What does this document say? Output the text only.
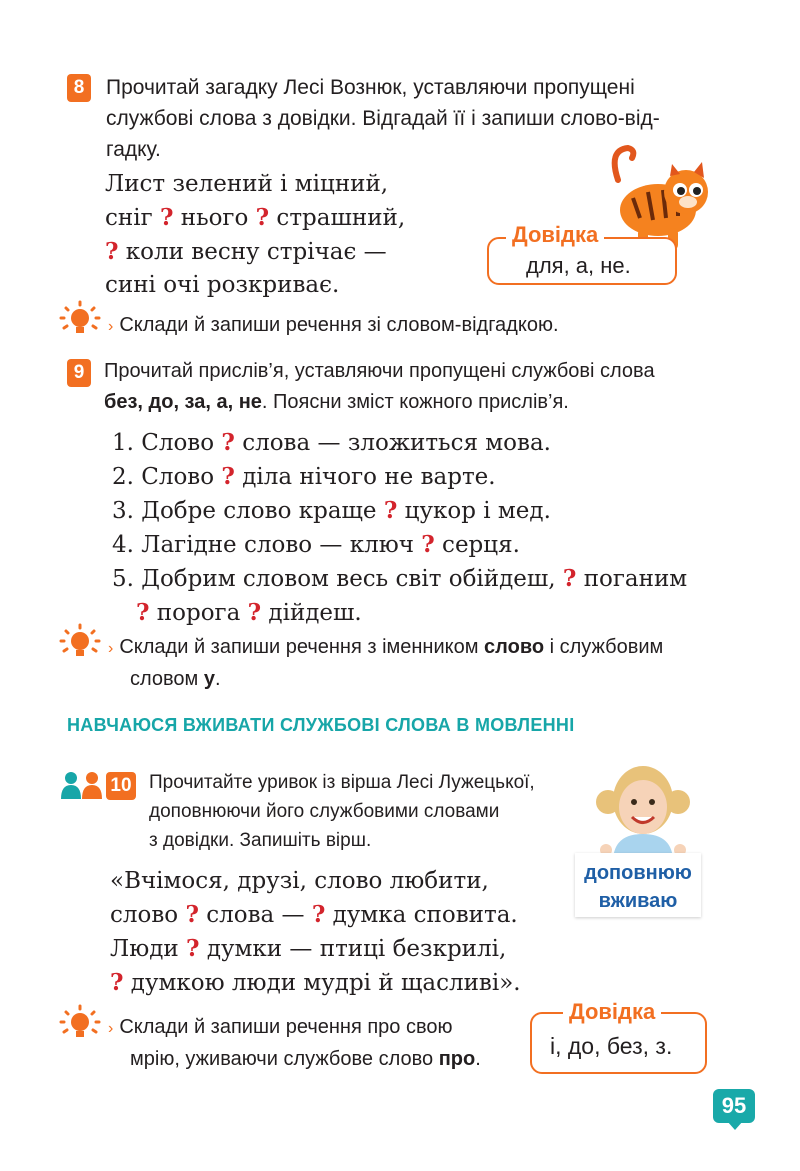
8	Прочитай загадку Лесі Вознюк, уставляючи пропущені
службові слова з довідки. Відгадай її і запиши слово-від-
гадку.
Лист зелений і міцний,
сніг ? нього ? страшний,
? коли весну стрічає —
сині очі розкриває.
Довідка
для, а, не.
› Склади й запиши речення зі словом-відгадкою.
9 Прочитай прислів’я, уставляючи пропущені службові слова
без, до, за, а, не. Поясни зміст кожного прислів’я.
1. Слово ? слова — зложиться мова.
2. Слово ? діла нічого не варте.
3. Добре слово краще ? цукор і мед.
4. Лагідне слово — ключ ? серця.
5. Добрим словом весь світ обійдеш, ? поганим
? порога ? дійдеш.
› Склади й запиши речення з іменником слово і службовим
словом у.
НАВЧАЮСЯ ВЖИВАТИ СЛУЖБОВІ СЛОВА В МОВЛЕННІ
10 Прочитайте уривок із вірша Лесі Лужецької,
доповнюючи його службовими словами
з довідки. Запишіть вірш.
доповнюю
вживаю
«Вчімося, друзі, слово любити,
слово ? слова — ? думка сповита.
Люди ? думки — птиці безкрилі,
? думкою люди мудрі й щасливі».
› Склади й запиши речення про свою
мрію, уживаючи службове слово про.
Довідка
і, до, без, з.
95
